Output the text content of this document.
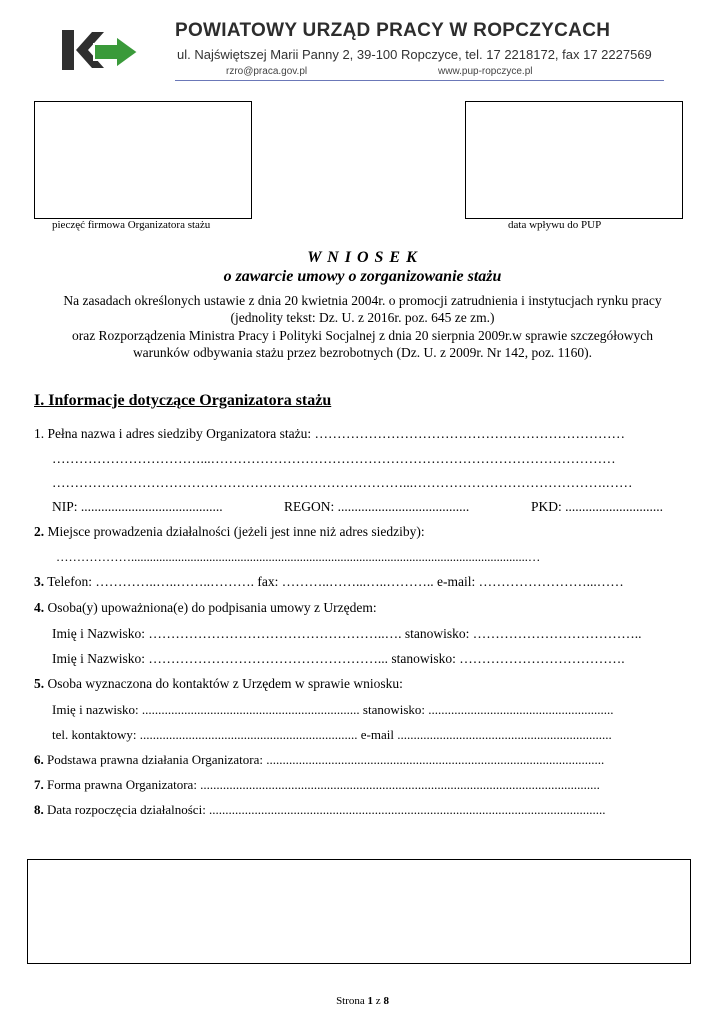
POWIATOWY URZĄD PRACY W ROPCZYCACH
ul. Najświętszej Marii Panny 2, 39-100 Ropczyce, tel. 17 2218172, fax 17 2227569
rzro@praca.gov.pl	www.pup-ropczyce.pl
pieczęć firmowa Organizatora stażu	data wpływu do PUP
W N I O S E K
o zawarcie umowy o zorganizowanie stażu
Na zasadach określonych ustawie z dnia 20 kwietnia 2004r. o promocji zatrudnienia i instytucjach rynku pracy
(jednolity tekst: Dz. U. z 2016r. poz. 645 ze zm.)
oraz Rozporządzenia Ministra Pracy i Polityki Socjalnej z dnia 20 sierpnia 2009r.w sprawie szczegółowych
warunków odbywania stażu przez bezrobotnych (Dz. U. z 2009r. Nr 142, poz. 1160).
I. Informacje dotyczące Organizatora stażu
1. Pełna nazwa i adres siedziby Organizatora stażu: ……………………………………………………………
……………………………...………………………………………………………………………………
……………………………………………………………………...…………………………………….……
NIP: ..........................................	REGON: .......................................	PKD: .............................
2. Miejsce prowadzenia działalności (jeżeli jest inne niż adres siedziby):
………………...............................................................................................................................…
3. Telefon: …………..…..……..………. fax: ………..……...…..……….. e-mail: ……………………...……
4. Osoba(y) upoważniona(e) do podpisania umowy z Urzędem:
Imię i Nazwisko: ……………………………………………..…. stanowisko: ………………………………..
Imię i Nazwisko: ……………………………………………... stanowisko: ……………………………….
5. Osoba wyznaczona do kontaktów z Urzędem w sprawie wniosku:
Imię i nazwisko: ................................................................... stanowisko: .........................................................
tel. kontaktowy: ................................................................... e-mail ..................................................................
6. Podstawa prawna działania Organizatora: ........................................................................................................
7. Forma prawna Organizatora: ...........................................................................................................................
8. Data rozpoczęcia działalności: ..........................................................................................................................
Strona 1 z 8
